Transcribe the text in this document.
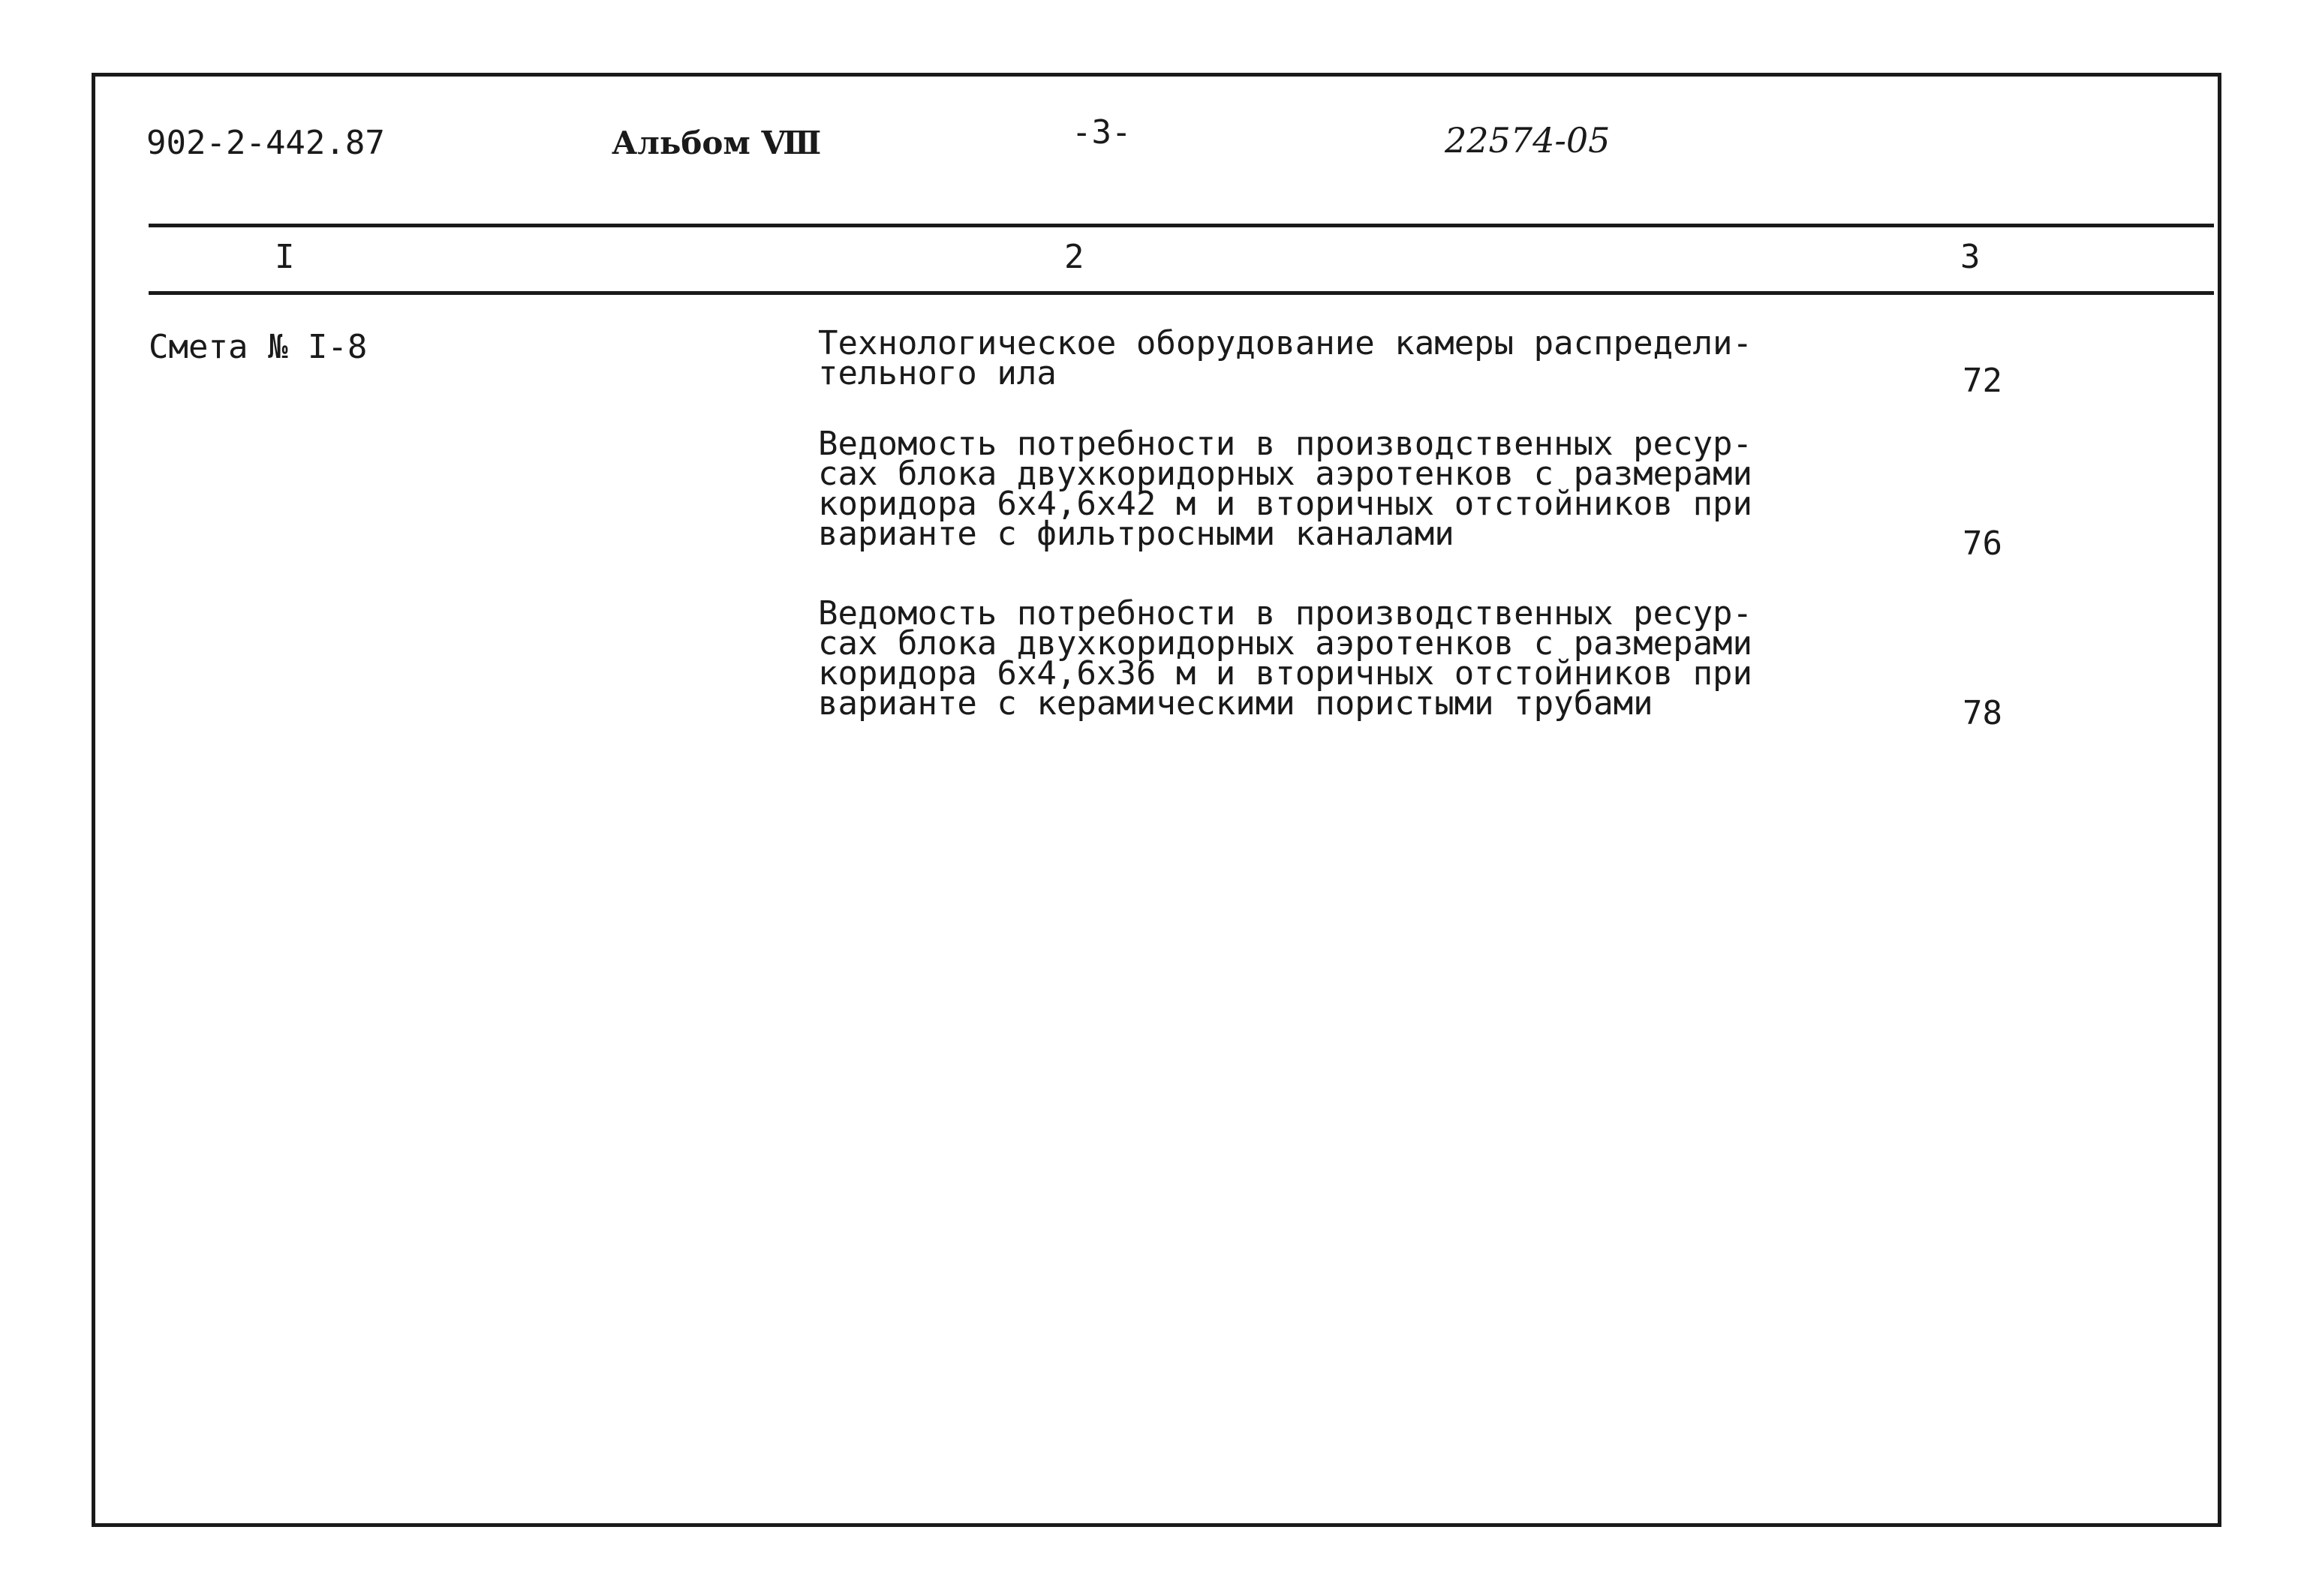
902-2-442.87	Альбом Ⅷ	-3-	22574-05
I	2	3
Смета № I-8	Технологическое оборудование камеры распредели-
тельного ила	72
Ведомость потребности в производственных ресур-
сах блока двухкоридорных аэротенков с размерами
коридора 6х4,6х42 м и вторичных отстойников при
варианте с фильтросными каналами	76
Ведомость потребности в производственных ресур-
сах блока двухкоридорных аэротенков с размерами
коридора 6х4,6х36 м и вторичных отстойников при
варианте с керамическими пористыми трубами	78
